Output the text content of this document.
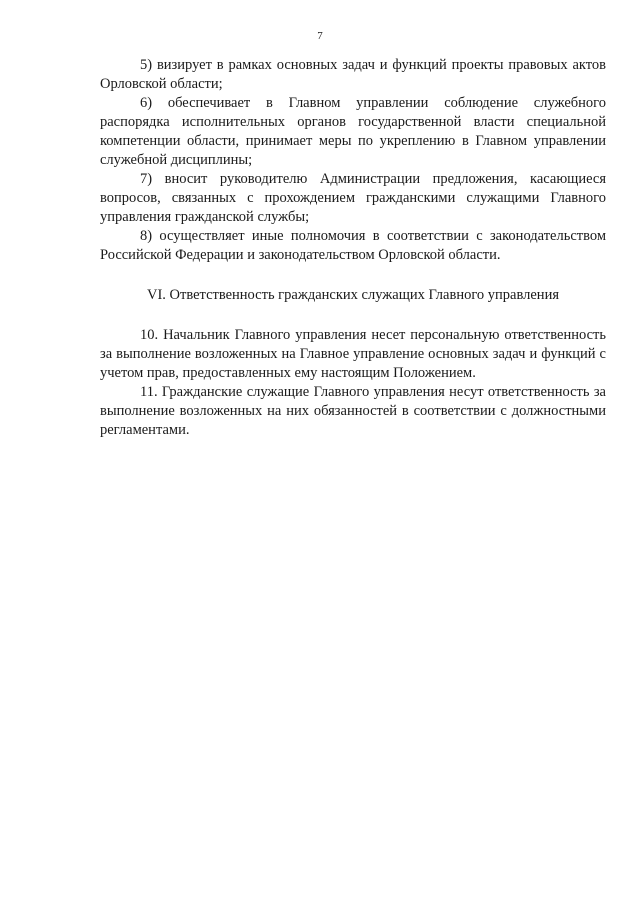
7

5) визирует в рамках основных задач и функций проекты правовых актов Орловской области;

6) обеспечивает в Главном управлении соблюдение служебного распорядка исполнительных органов государственной власти специальной компетенции области, принимает меры по укреплению в Главном управлении служебной дисциплины;

7) вносит руководителю Администрации предложения, касающиеся вопросов, связанных с прохождением гражданскими служащими Главного управления гражданской службы;

8) осуществляет иные полномочия в соответствии с законодательством Российской Федерации и законодательством Орловской области.

VI. Ответственность гражданских служащих Главного управления

10. Начальник Главного управления несет персональную ответственность за выполнение возложенных на Главное управление основных задач и функций с учетом прав, предоставленных ему настоящим Положением.

11. Гражданские служащие Главного управления несут ответственность за выполнение возложенных на них обязанностей в соответствии с должностными регламентами.
